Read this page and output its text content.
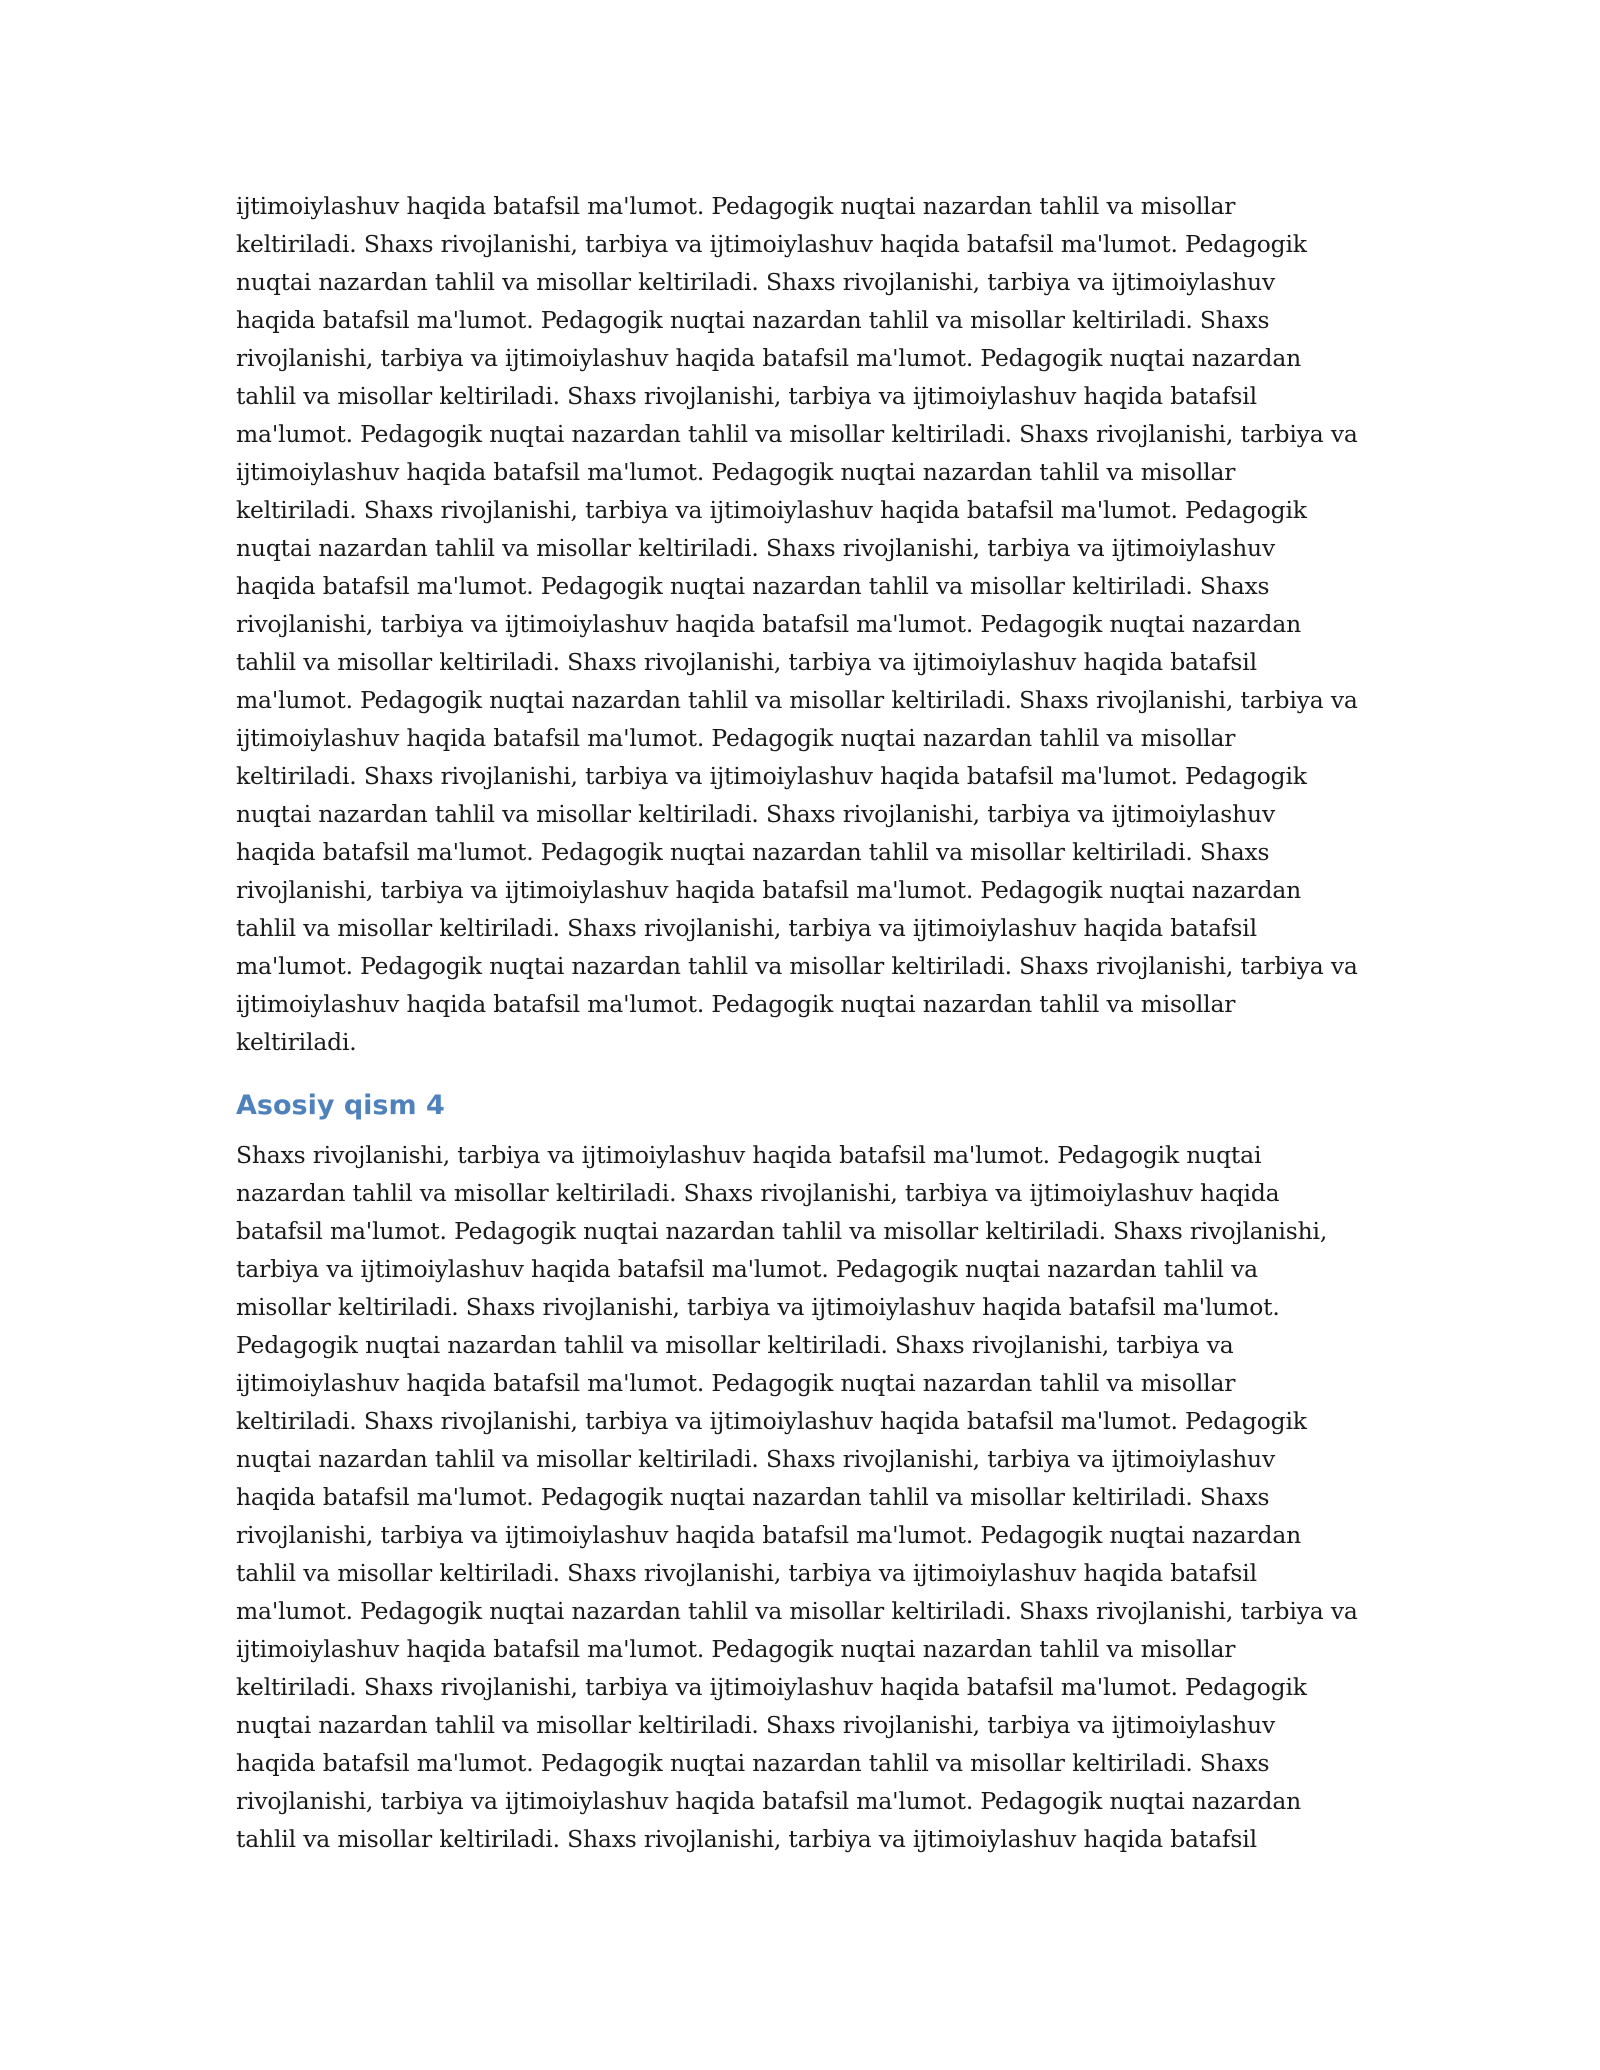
ijtimoiylashuv haqida batafsil ma'lumot. Pedagogik nuqtai nazardan tahlil va misollar
keltiriladi. Shaxs rivojlanishi, tarbiya va ijtimoiylashuv haqida batafsil ma'lumot. Pedagogik
nuqtai nazardan tahlil va misollar keltiriladi. Shaxs rivojlanishi, tarbiya va ijtimoiylashuv
haqida batafsil ma'lumot. Pedagogik nuqtai nazardan tahlil va misollar keltiriladi. Shaxs
rivojlanishi, tarbiya va ijtimoiylashuv haqida batafsil ma'lumot. Pedagogik nuqtai nazardan
tahlil va misollar keltiriladi. Shaxs rivojlanishi, tarbiya va ijtimoiylashuv haqida batafsil
ma'lumot. Pedagogik nuqtai nazardan tahlil va misollar keltiriladi. Shaxs rivojlanishi, tarbiya va
ijtimoiylashuv haqida batafsil ma'lumot. Pedagogik nuqtai nazardan tahlil va misollar
keltiriladi. Shaxs rivojlanishi, tarbiya va ijtimoiylashuv haqida batafsil ma'lumot. Pedagogik
nuqtai nazardan tahlil va misollar keltiriladi. Shaxs rivojlanishi, tarbiya va ijtimoiylashuv
haqida batafsil ma'lumot. Pedagogik nuqtai nazardan tahlil va misollar keltiriladi. Shaxs
rivojlanishi, tarbiya va ijtimoiylashuv haqida batafsil ma'lumot. Pedagogik nuqtai nazardan
tahlil va misollar keltiriladi. Shaxs rivojlanishi, tarbiya va ijtimoiylashuv haqida batafsil
ma'lumot. Pedagogik nuqtai nazardan tahlil va misollar keltiriladi. Shaxs rivojlanishi, tarbiya va
ijtimoiylashuv haqida batafsil ma'lumot. Pedagogik nuqtai nazardan tahlil va misollar
keltiriladi. Shaxs rivojlanishi, tarbiya va ijtimoiylashuv haqida batafsil ma'lumot. Pedagogik
nuqtai nazardan tahlil va misollar keltiriladi. Shaxs rivojlanishi, tarbiya va ijtimoiylashuv
haqida batafsil ma'lumot. Pedagogik nuqtai nazardan tahlil va misollar keltiriladi. Shaxs
rivojlanishi, tarbiya va ijtimoiylashuv haqida batafsil ma'lumot. Pedagogik nuqtai nazardan
tahlil va misollar keltiriladi. Shaxs rivojlanishi, tarbiya va ijtimoiylashuv haqida batafsil
ma'lumot. Pedagogik nuqtai nazardan tahlil va misollar keltiriladi. Shaxs rivojlanishi, tarbiya va
ijtimoiylashuv haqida batafsil ma'lumot. Pedagogik nuqtai nazardan tahlil va misollar
keltiriladi.
Asosiy qism 4
Shaxs rivojlanishi, tarbiya va ijtimoiylashuv haqida batafsil ma'lumot. Pedagogik nuqtai
nazardan tahlil va misollar keltiriladi. Shaxs rivojlanishi, tarbiya va ijtimoiylashuv haqida
batafsil ma'lumot. Pedagogik nuqtai nazardan tahlil va misollar keltiriladi. Shaxs rivojlanishi,
tarbiya va ijtimoiylashuv haqida batafsil ma'lumot. Pedagogik nuqtai nazardan tahlil va
misollar keltiriladi. Shaxs rivojlanishi, tarbiya va ijtimoiylashuv haqida batafsil ma'lumot.
Pedagogik nuqtai nazardan tahlil va misollar keltiriladi. Shaxs rivojlanishi, tarbiya va
ijtimoiylashuv haqida batafsil ma'lumot. Pedagogik nuqtai nazardan tahlil va misollar
keltiriladi. Shaxs rivojlanishi, tarbiya va ijtimoiylashuv haqida batafsil ma'lumot. Pedagogik
nuqtai nazardan tahlil va misollar keltiriladi. Shaxs rivojlanishi, tarbiya va ijtimoiylashuv
haqida batafsil ma'lumot. Pedagogik nuqtai nazardan tahlil va misollar keltiriladi. Shaxs
rivojlanishi, tarbiya va ijtimoiylashuv haqida batafsil ma'lumot. Pedagogik nuqtai nazardan
tahlil va misollar keltiriladi. Shaxs rivojlanishi, tarbiya va ijtimoiylashuv haqida batafsil
ma'lumot. Pedagogik nuqtai nazardan tahlil va misollar keltiriladi. Shaxs rivojlanishi, tarbiya va
ijtimoiylashuv haqida batafsil ma'lumot. Pedagogik nuqtai nazardan tahlil va misollar
keltiriladi. Shaxs rivojlanishi, tarbiya va ijtimoiylashuv haqida batafsil ma'lumot. Pedagogik
nuqtai nazardan tahlil va misollar keltiriladi. Shaxs rivojlanishi, tarbiya va ijtimoiylashuv
haqida batafsil ma'lumot. Pedagogik nuqtai nazardan tahlil va misollar keltiriladi. Shaxs
rivojlanishi, tarbiya va ijtimoiylashuv haqida batafsil ma'lumot. Pedagogik nuqtai nazardan
tahlil va misollar keltiriladi. Shaxs rivojlanishi, tarbiya va ijtimoiylashuv haqida batafsil
